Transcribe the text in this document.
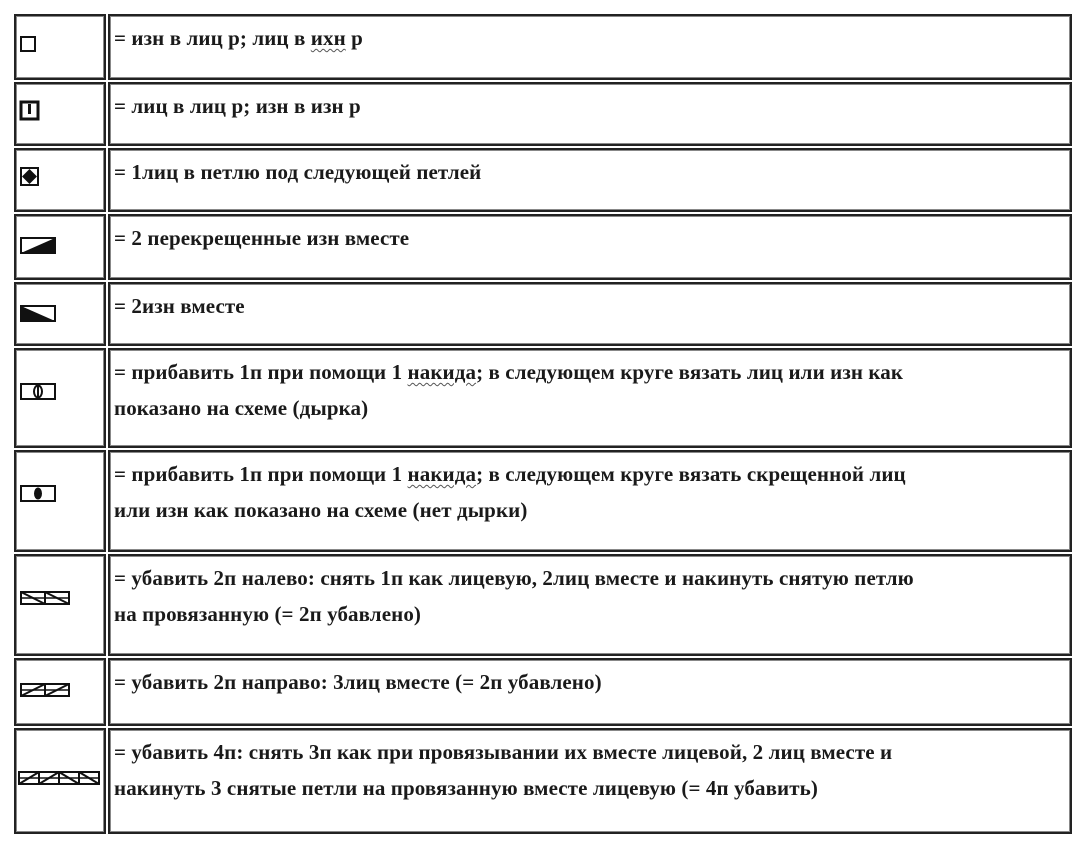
= изн в лиц р; лиц в ихн р
= лиц в лиц р; изн в изн р
= 1лиц в петлю под следующей петлей
= 2 перекрещенные изн вместе
= 2изн вместе
= прибавить 1п при помощи 1 накида; в следующем круге вязать лиц или изн как
показано на схеме (дырка)
= прибавить 1п при помощи 1 накида; в следующем круге вязать скрещенной лиц
или изн как показано на схеме (нет дырки)
= убавить 2п налево: снять 1п как лицевую, 2лиц вместе и накинуть снятую петлю
на провязанную (= 2п убавлено)
= убавить 2п направо: 3лиц вместе (= 2п убавлено)
= убавить 4п: снять 3п как при провязывании их вместе лицевой, 2 лиц вместе и
накинуть 3 снятые петли на провязанную вместе лицевую (= 4п убавить)
